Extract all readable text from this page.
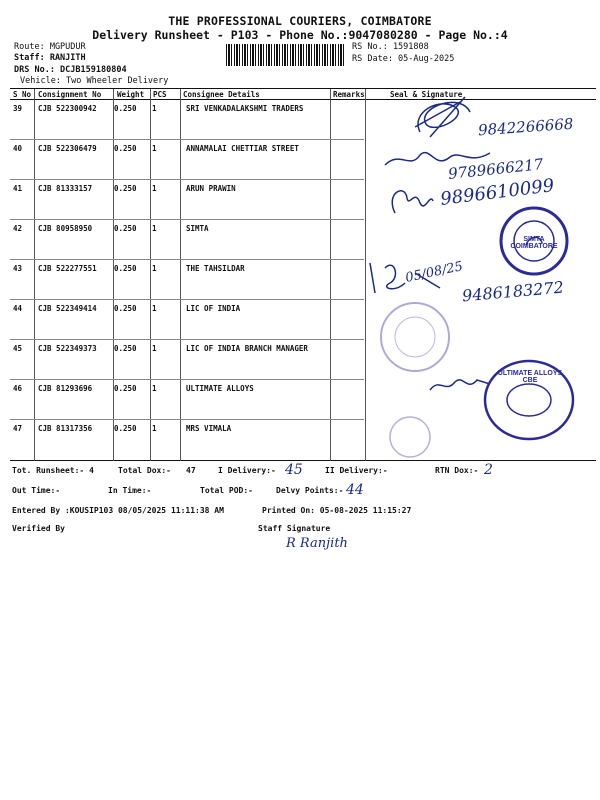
THE PROFESSIONAL COURIERS, COIMBATORE
Delivery Runsheet - P103 - Phone No.:9047080280 - Page No.:4
Route: MGPUDUR
Staff: RANJITH
DRS No.: DCJB159180804
Vehicle: Two Wheeler Delivery
RS No.: 1591808
RS Date: 05-Aug-2025
S No Consignment No Weight PCS Consignee Details	Remarks	Seal & Signature
39 CJB 522300942 0.250 1	SRI VENKADALAKSHMI TRADERS
40 CJB 522306479 0.250 1	ANNAMALAI CHETTIAR STREET
41 CJB 81333157	0.250 1	ARUN PRAWIN
42 CJB 80958950	0.250 1	SIMTA
43 CJB 522277551 0.250 1	THE TAHSILDAR
44 CJB 522349414 0.250 1	LIC OF INDIA
45 CJB 522349373 0.250 1	LIC OF INDIA BRANCH MANAGER
46 CJB 81293696	0.250 1	ULTIMATE ALLOYS
47 CJB 81317356	0.250 1	MRS VIMALA
9842266668
9789666217
9896610099
SIMTA COIMBATORE
05/08/25
9486183272
ULTIMATE ALLOYS CBE
Tot. Runsheet:- 4	Total Dox:- 47	I Delivery:- 45	II Delivery:-	RTN Dox:- 2
Out Time:-	In Time:-	Total POD:-	Delvy Points:- 44
Entered By :KOUSIP103 08/05/2025 11:11:38 AM	Printed On: 05-08-2025 11:15:27
Verified By	Staff Signature
R Ranjith
